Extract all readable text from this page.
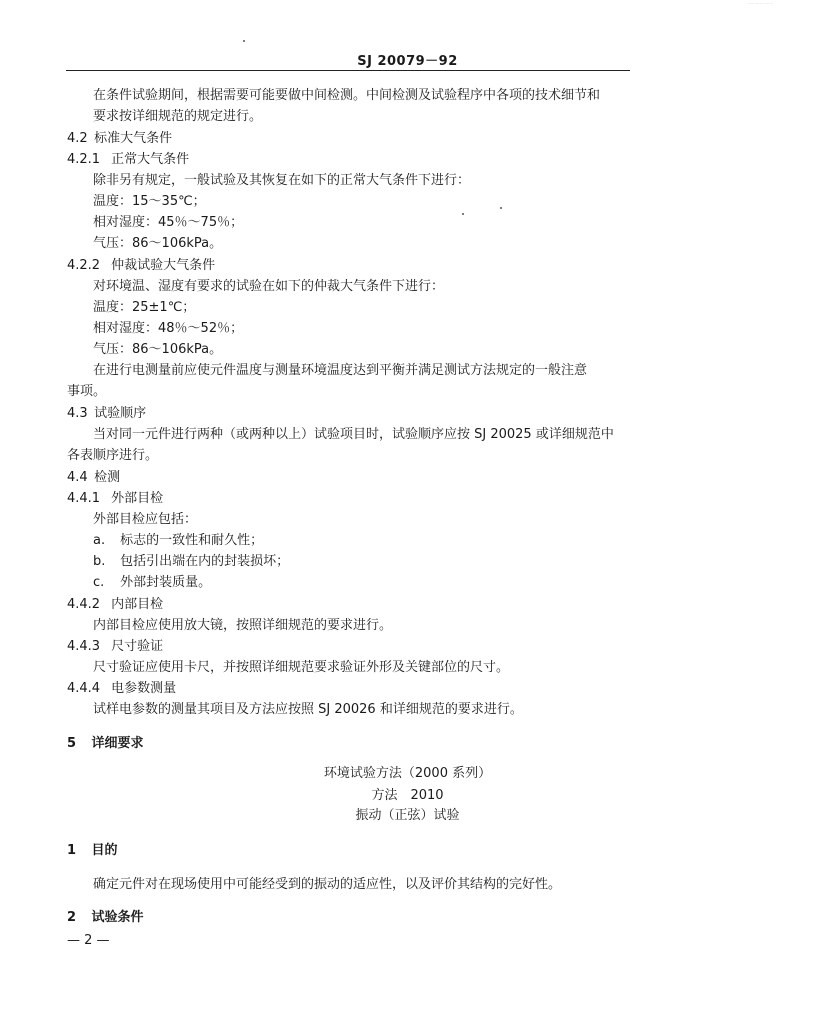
...... ..... ... ..... ...
SJ 20079－92
在条件试验期间，根据需要可能要做中间检测。中间检测及试验程序中各项的技术细节和
要求按详细规范的规定进行。
4.2 标准大气条件
4.2.1 正常大气条件
除非另有规定，一般试验及其恢复在如下的正常大气条件下进行：
温度：15～35℃；
相对湿度：45％～75％；
气压：86～106kPa。
4.2.2 仲裁试验大气条件
对环境温、湿度有要求的试验在如下的仲裁大气条件下进行：
温度：25±1℃；
相对湿度：48％～52％；
气压：86～106kPa。
在进行电测量前应使元件温度与测量环境温度达到平衡并满足测试方法规定的一般注意
事项。
4.3 试验顺序
当对同一元件进行两种（或两种以上）试验项目时，试验顺序应按 SJ 20025 或详细规范中
各表顺序进行。
4.4 检测
4.4.1 外部目检
外部目检应包括：
a. 标志的一致性和耐久性；
b. 包括引出端在内的封装损坏；
c. 外部封装质量。
4.4.2 内部目检
内部目检应使用放大镜，按照详细规范的要求进行。
4.4.3 尺寸验证
尺寸验证应使用卡尺，并按照详细规范要求验证外形及关键部位的尺寸。
4.4.4 电参数测量
试样电参数的测量其项目及方法应按照 SJ 20026 和详细规范的要求进行。
5 详细要求
环境试验方法（2000 系列）
方法　2010
振动（正弦）试验
1 目的
确定元件对在现场使用中可能经受到的振动的适应性，以及评价其结构的完好性。
2 试验条件
— 2 —
